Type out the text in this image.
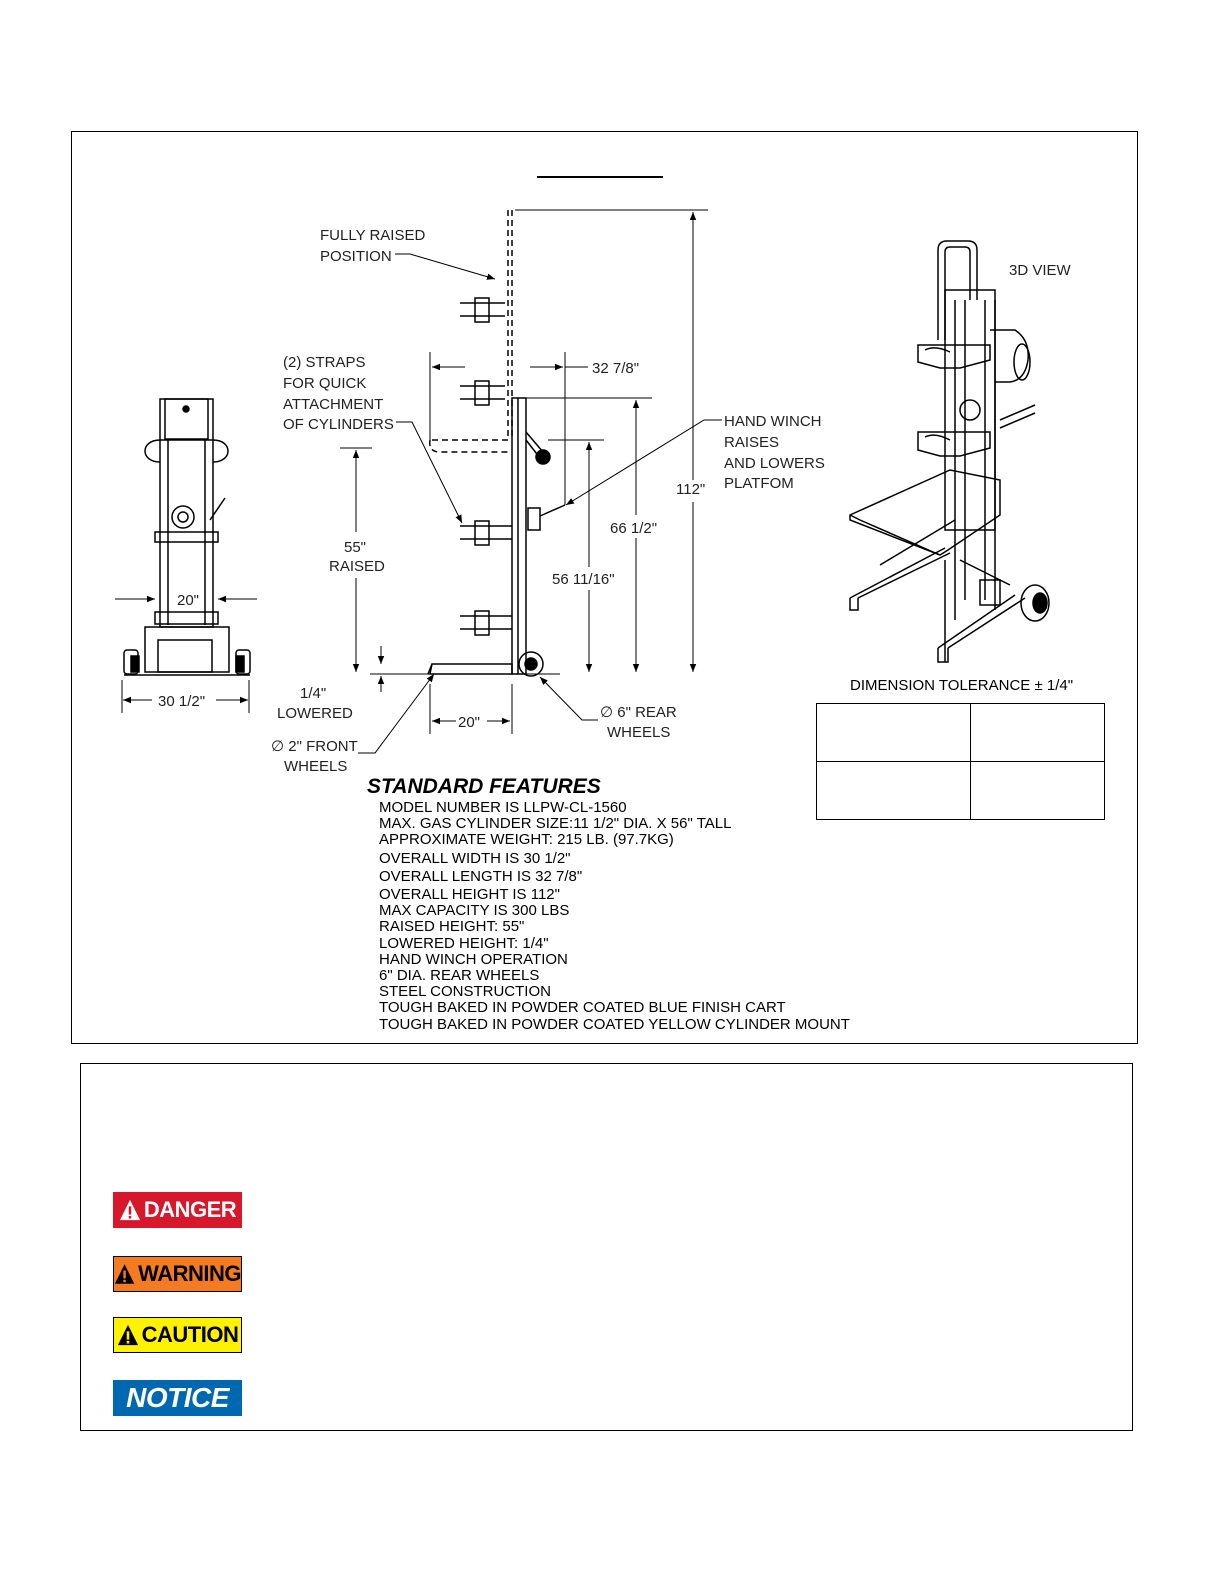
20"
30 1/2"
FULLY RAISED POSITION
(2) STRAPS FOR QUICK ATTACHMENT OF CYLINDERS	HAND WINCH RAISES AND LOWERS PLATFOM
55" RAISED
1/4" LOWERED
∅ 2" FRONT WHEELS
∅ 6" REAR WHEELS
32 7/8"
112"
66 1/2"
56 11/16"
20"
3D VIEW
STANDARD FEATURES
MODEL NUMBER IS LLPW-CL-1560
MAX. GAS CYLINDER SIZE:11 1/2" DIA. X 56" TALL
APPROXIMATE WEIGHT: 215 LB. (97.7KG)
OVERALL WIDTH IS 30 1/2"
OVERALL LENGTH IS 32 7/8"
OVERALL HEIGHT IS 112"
MAX CAPACITY IS 300 LBS
RAISED HEIGHT: 55"
LOWERED HEIGHT: 1/4"
HAND WINCH OPERATION
6" DIA. REAR WHEELS
STEEL CONSTRUCTION
TOUGH BAKED IN POWDER COATED BLUE FINISH CART
TOUGH BAKED IN POWDER COATED YELLOW CYLINDER MOUNT
DIMENSION TOLERANCE ± 1/4"

DANGER
WARNING
CAUTION
NOTICE
